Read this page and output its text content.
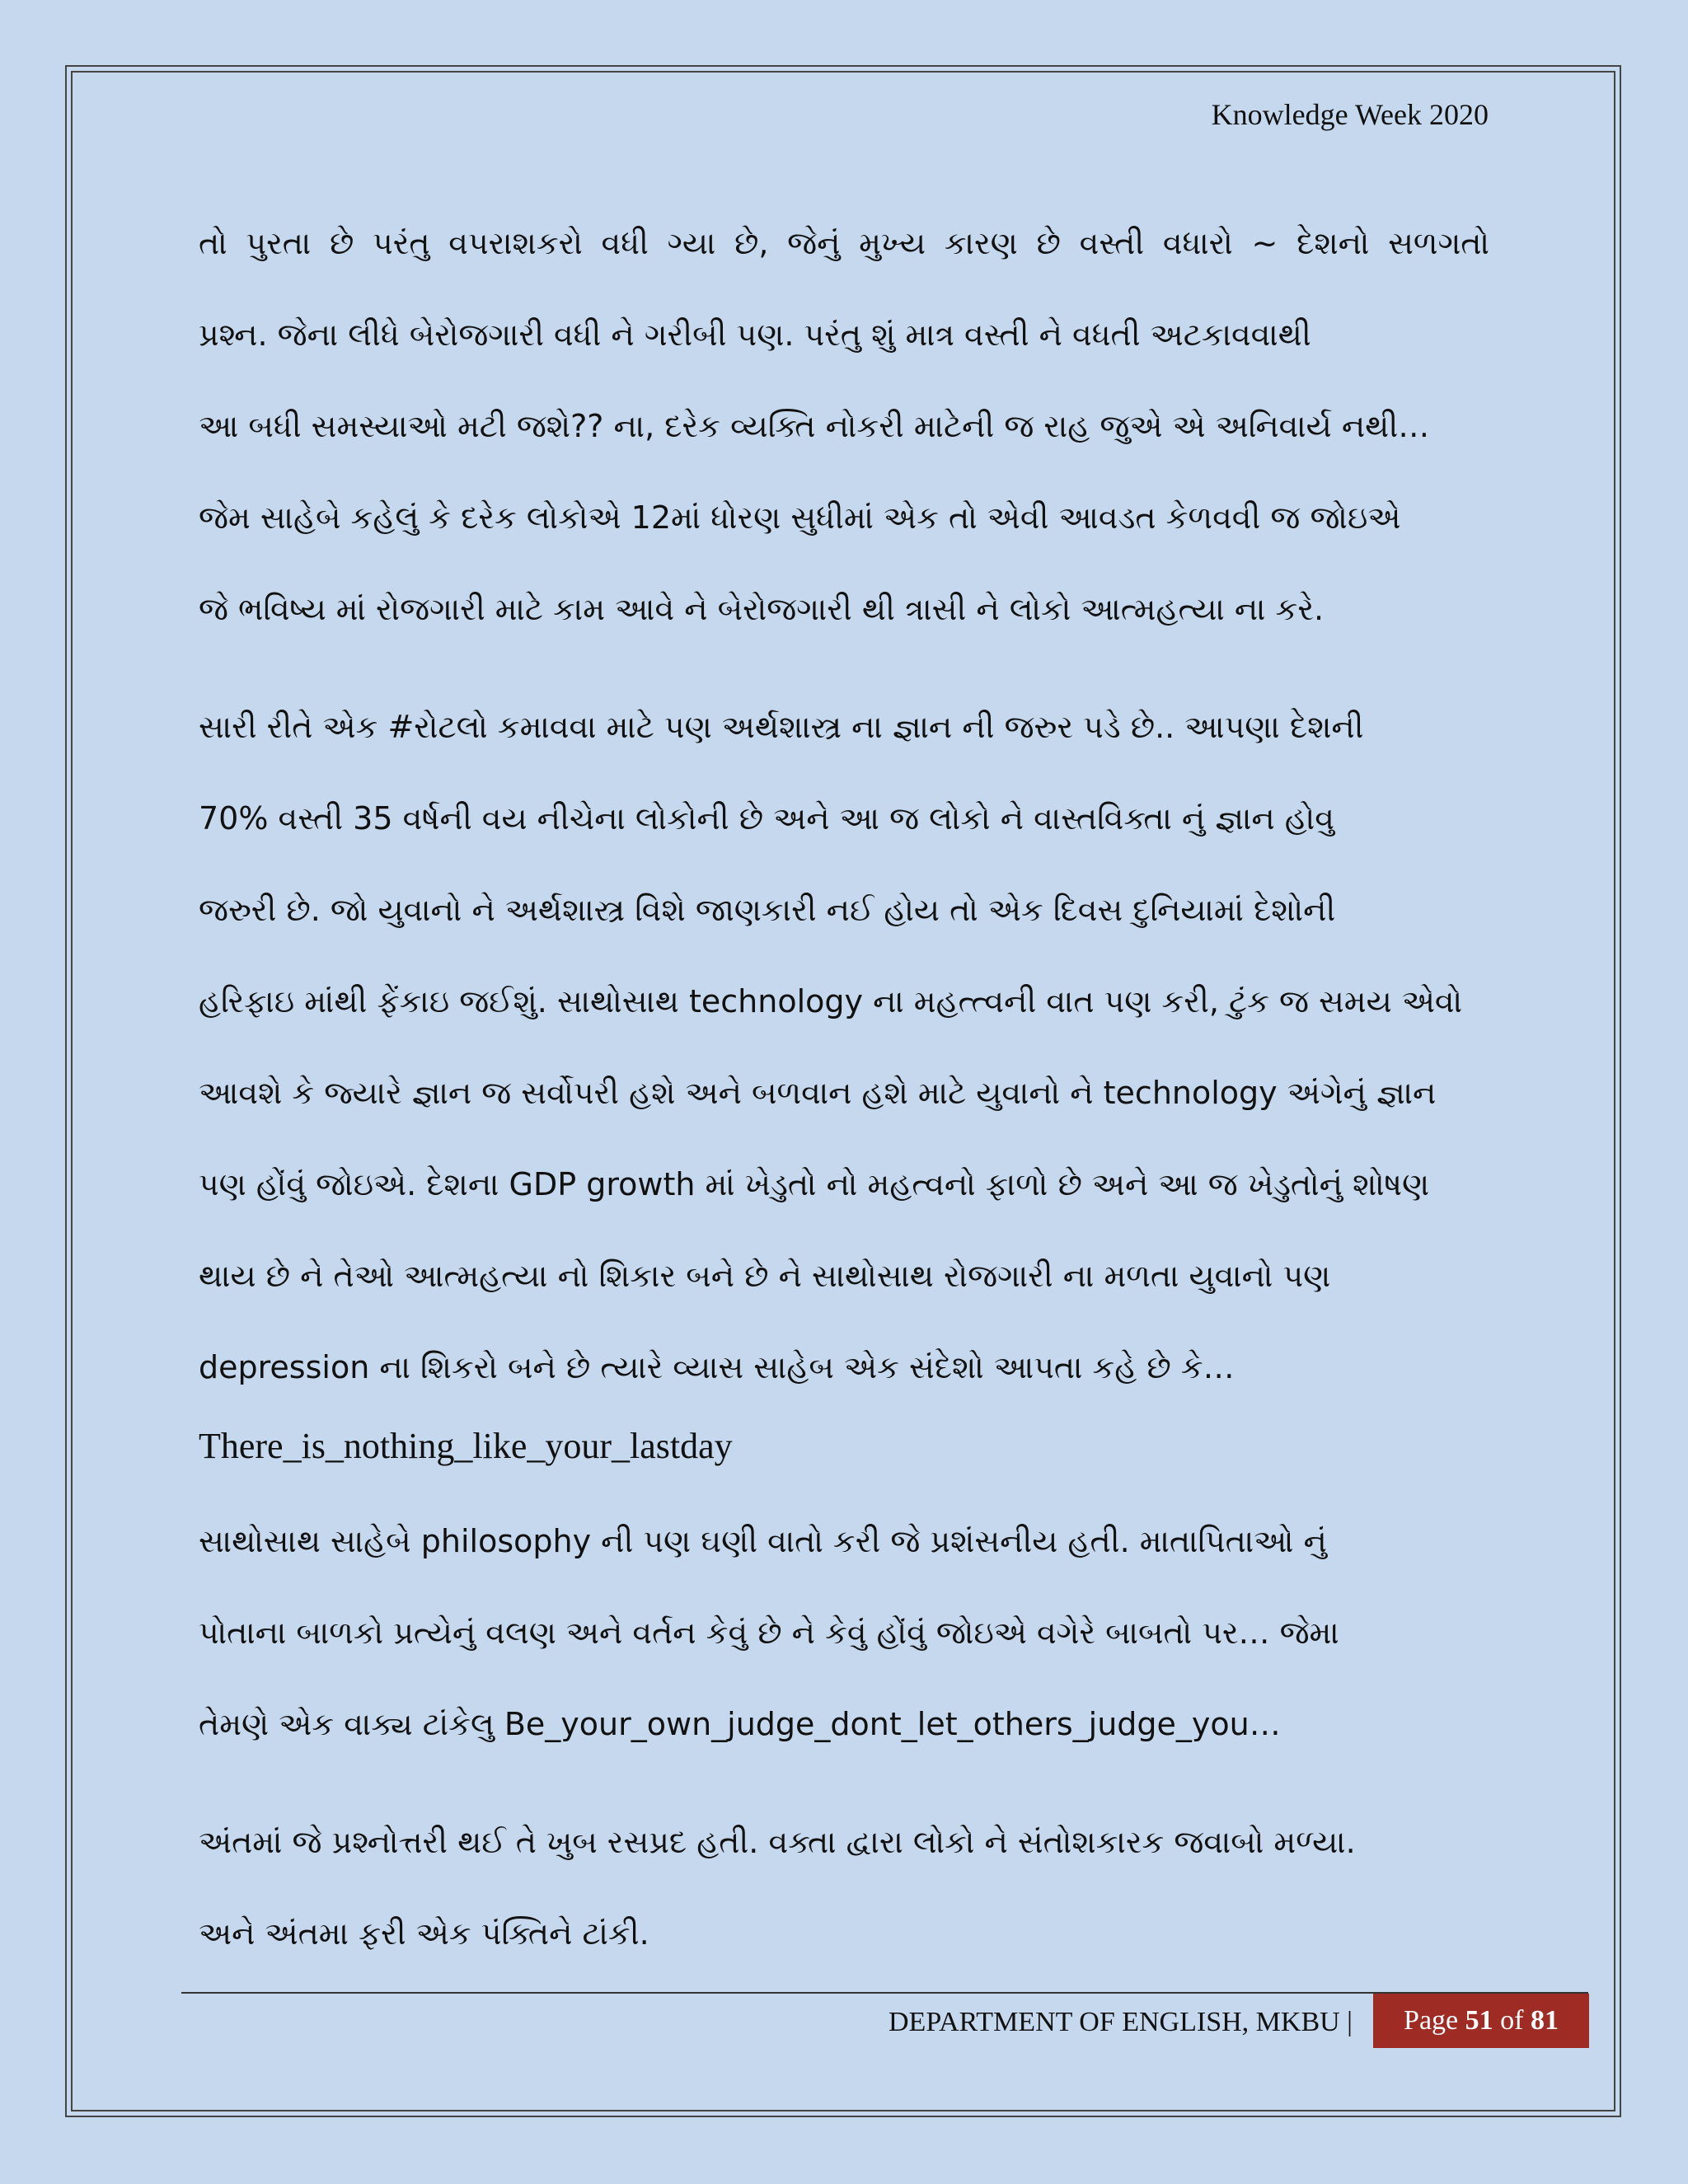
Knowledge Week 2020
તો પુરતા છે પરંતુ વપરાશકરો વધી ગ્યા છે, જેનું મુખ્ય કારણ છે વસ્તી વધારો ~ દેશનો સળગતો
પ્રશ્ન. જેના લીધે બેરોજગારી વધી ને ગરીબી પણ. પરંતુ શું માત્ર વસ્તી ને વધતી અટકાવવાથી
આ બધી સમસ્યાઓ મટી જશે?? ના, દરેક વ્યક્તિ નોકરી માટેની જ રાહ જુએ એ અનિવાર્ય નથી…
જેમ સાહેબે કહેલું કે દરેક લોકોએ 12માં ધોરણ સુધીમાં એક તો એવી આવડત કેળવવી જ જોઇએ
જે ભવિષ્ય માં રોજગારી માટે કામ આવે ને બેરોજગારી થી ત્રાસી ને લોકો આત્મહત્યા ના કરે.
સારી રીતે એક #રોટલો કમાવવા માટે પણ અર્થશાસ્ત્ર ના જ્ઞાન ની જરુર પડે છે.. આપણા દેશની
70% વસ્તી 35 વર્ષની વય નીચેના લોકોની છે અને આ જ લોકો ને વાસ્તવિક્તા નું જ્ઞાન હોવુ
જરુરી છે. જો યુવાનો ને અર્થશાસ્ત્ર વિશે જાણકારી નઈ હોય તો એક દિવસ દુનિયામાં દેશોની
હરિફાઇ માંથી ફેંકાઇ જઈશું. સાથોસાથ technology ના મહત્ત્વની વાત પણ કરી, ટુંક જ સમય એવો
આવશે કે જ્યારે જ્ઞાન જ સર્વોપરી હશે અને બળવાન હશે માટે યુવાનો ને technology અંગેનું જ્ઞાન
પણ હોંવું જોઇએ. દેશના GDP growth માં ખેડુતો નો મહત્વનો ફાળો છે અને આ જ ખેડુતોનું શોષણ
થાય છે ને તેઓ આત્મહત્યા નો શિકાર બને છે ને સાથોસાથ રોજગારી ના મળતા યુવાનો પણ
depression ના શિકરો બને છે ત્યારે વ્યાસ સાહેબ એક સંદેશો આપતા કહે છે કે…

There_is_nothing_like_your_lastday

સાથોસાથ સાહેબે philosophy ની પણ ઘણી વાતો કરી જે પ્રશંસનીય હતી. માતાપિતાઓ નું
પોતાના બાળકો પ્રત્યેનું વલણ અને વર્તન કેવું છે ને કેવું હોંવું જોઇએ વગેરે બાબતો પર… જેમા
તેમણે એક વાક્ય ટાંકેલુ Be_your_own_judge_dont_let_others_judge_you…
અંતમાં જે પ્રશ્નોત્તરી થઈ તે ખુબ રસપ્રદ હતી. વક્તા દ્વારા લોકો ને સંતોશકારક જવાબો મળ્યા.
અને અંતમા ફરી એક પંક્તિને ટાંકી.
DEPARTMENT OF ENGLISH, MKBU |	Page 51 of 81
